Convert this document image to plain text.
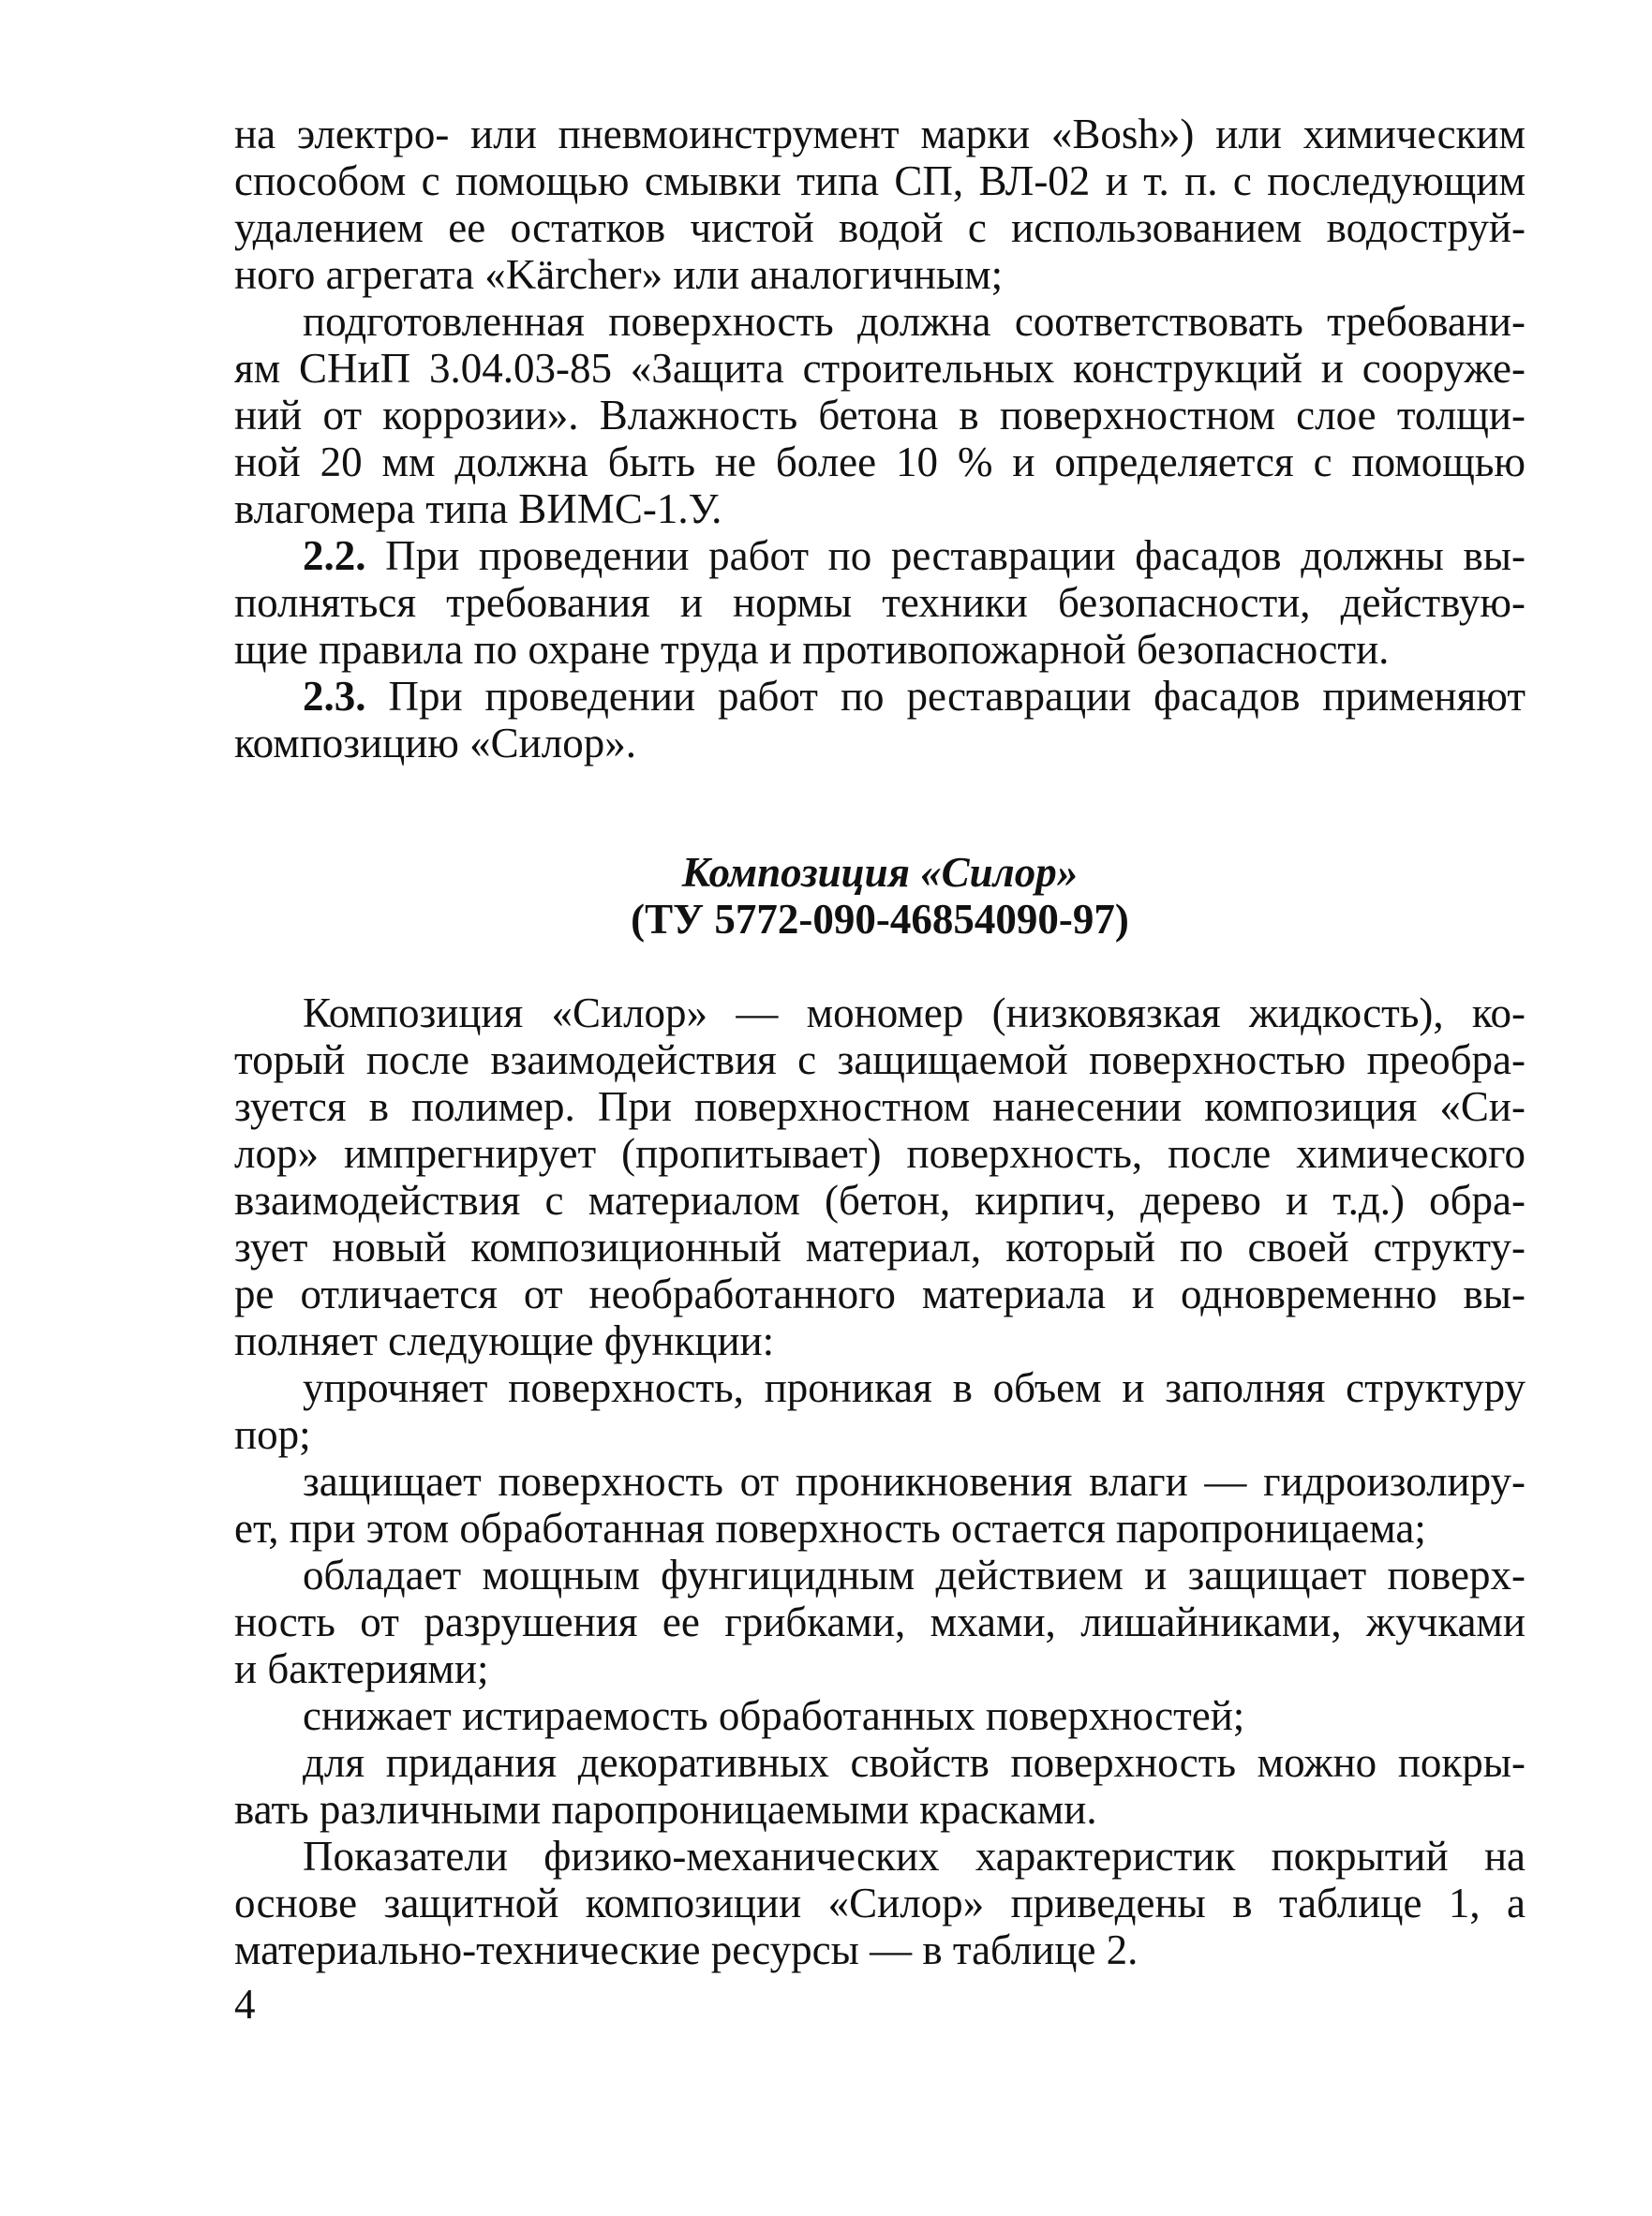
на электро- или пневмоинструмент марки «Bosh») или химическим
способом с помощью смывки типа СП, ВЛ-02 и т. п. с последующим
удалением ее остатков чистой водой с использованием водоструй-
ного агрегата «Kärcher» или аналогичным;
подготовленная поверхность должна соответствовать требовани-
ям СНиП 3.04.03-85 «Защита строительных конструкций и сооруже-
ний от коррозии». Влажность бетона в поверхностном слое толщи-
ной 20 мм должна быть не более 10 % и определяется с помощью
влагомера типа ВИМС-1.У.
2.2. При проведении работ по реставрации фасадов должны вы-
полняться требования и нормы техники безопасности, действую-
щие правила по охране труда и противопожарной безопасности.
2.3. При проведении работ по реставрации фасадов применяют
композицию «Силор».
Композиция «Силор»
(ТУ 5772-090-46854090-97)
Композиция «Силор» — мономер (низковязкая жидкость), ко-
торый после взаимодействия с защищаемой поверхностью преобра-
зуется в полимер. При поверхностном нанесении композиция «Си-
лор» импрегнирует (пропитывает) поверхность, после химического
взаимодействия с материалом (бетон, кирпич, дерево и т.д.) обра-
зует новый композиционный материал, который по своей структу-
ре отличается от необработанного материала и одновременно вы-
полняет следующие функции:
упрочняет поверхность, проникая в объем и заполняя структуру
пор;
защищает поверхность от проникновения влаги — гидроизолиру-
ет, при этом обработанная поверхность остается паропроницаема;
обладает мощным фунгицидным действием и защищает поверх-
ность от разрушения ее грибками, мхами, лишайниками, жучками
и бактериями;
снижает истираемость обработанных поверхностей;
для придания декоративных свойств поверхность можно покры-
вать различными паропроницаемыми красками.
Показатели физико-механических характеристик покрытий на
основе защитной композиции «Силор» приведены в таблице 1, а
материально-технические ресурсы — в таблице 2.
4
